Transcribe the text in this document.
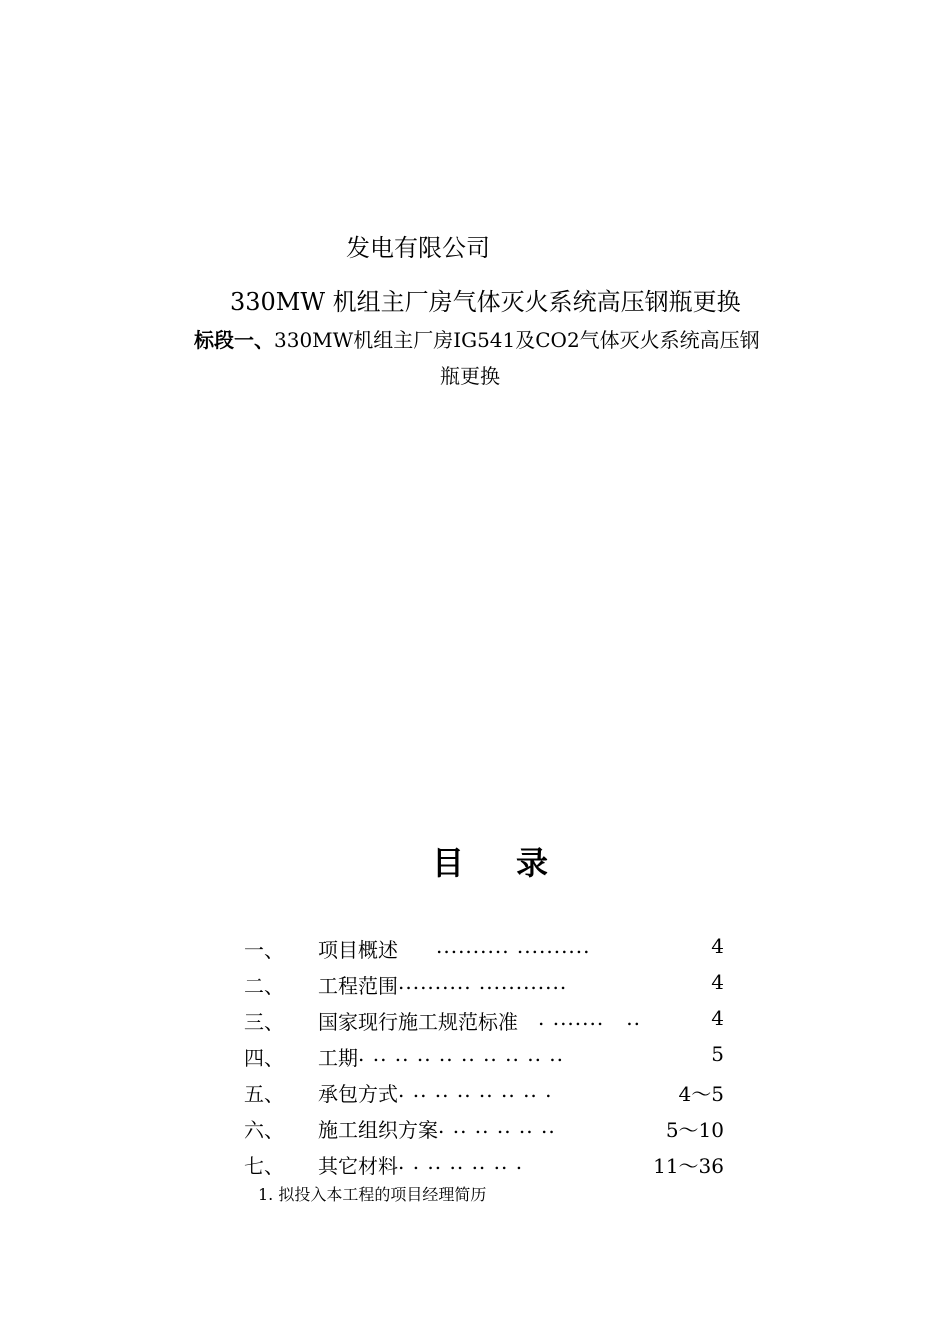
发电有限公司
330MW 机组主厂房气体灭火系统高压钢瓶更换
标段一、330MW机组主厂房IG541及CO2气体灭火系统高压钢
瓶更换
目 录
一、 项目概述 .......... ..........	4
二、 工程范围 .......... ............	4
三、 国家现行施工规范标准 . .......   ..	4
四、 工期 . .. .. .. .. .. .. .. .. ..	5
五、 承包方式 . .. .. .. .. .. .. .	4～5
六、 施工组织方案 . .. .. .. .. ..	5～10
七、 其它材料 . . .. .. .. .. .	11～36
1. 拟投入本工程的项目经理简历
